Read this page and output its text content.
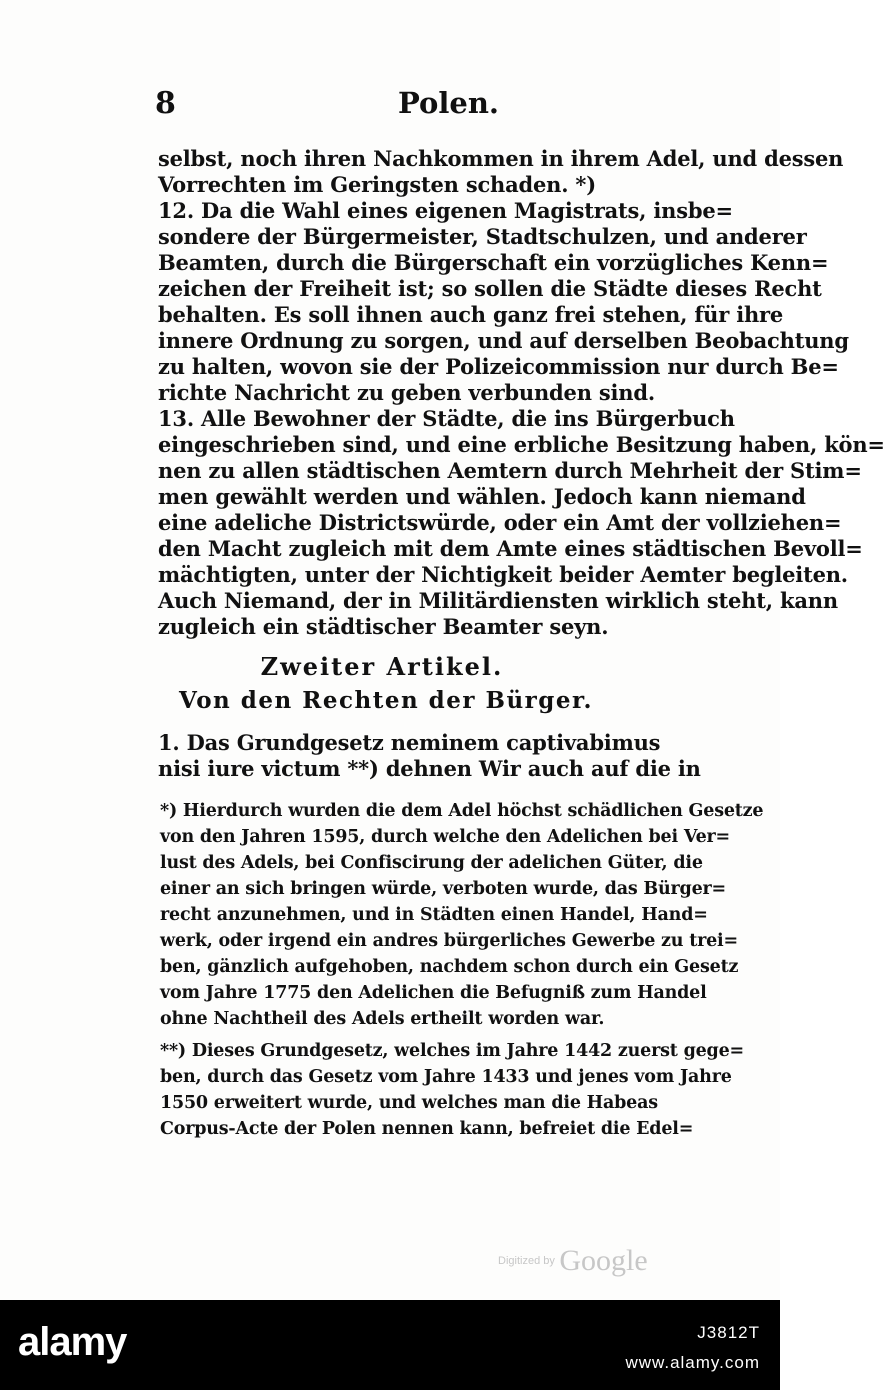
8	Polen.
selbst, noch ihren Nachkommen in ihrem Adel, und dessen
Vorrechten im Geringsten schaden. *)
12. Da die Wahl eines eigenen Magistrats, insbe=
sondere der Bürgermeister, Stadtschulzen, und anderer
Beamten, durch die Bürgerschaft ein vorzügliches Kenn=
zeichen der Freiheit ist; so sollen die Städte dieses Recht
behalten. Es soll ihnen auch ganz frei stehen, für ihre
innere Ordnung zu sorgen, und auf derselben Beobachtung
zu halten, wovon sie der Polizeicommission nur durch Be=
richte Nachricht zu geben verbunden sind.
13. Alle Bewohner der Städte, die ins Bürgerbuch
eingeschrieben sind, und eine erbliche Besitzung haben, kön=
nen zu allen städtischen Aemtern durch Mehrheit der Stim=
men gewählt werden und wählen. Jedoch kann niemand
eine adeliche Districtswürde, oder ein Amt der vollziehen=
den Macht zugleich mit dem Amte eines städtischen Bevoll=
mächtigten, unter der Nichtigkeit beider Aemter begleiten.
Auch Niemand, der in Militärdiensten wirklich steht, kann
zugleich ein städtischer Beamter seyn.
Zweiter Artikel.
Von den Rechten der Bürger.
1. Das Grundgesetz neminem captivabimus
nisi iure victum **) dehnen Wir auch auf die in
*) Hierdurch wurden die dem Adel höchst schädlichen Gesetze
von den Jahren 1595, durch welche den Adelichen bei Ver=
lust des Adels, bei Confiscirung der adelichen Güter, die
einer an sich bringen würde, verboten wurde, das Bürger=
recht anzunehmen, und in Städten einen Handel, Hand=
werk, oder irgend ein andres bürgerliches Gewerbe zu trei=
ben, gänzlich aufgehoben, nachdem schon durch ein Gesetz
vom Jahre 1775 den Adelichen die Befugniß zum Handel
ohne Nachtheil des Adels ertheilt worden war.
**) Dieses Grundgesetz, welches im Jahre 1442 zuerst gege=
ben, durch das Gesetz vom Jahre 1433 und jenes vom Jahre
1550 erweitert wurde, und welches man die Habeas
Corpus-Acte der Polen nennen kann, befreiet die Edel=
Digitized by Google
alamy	J3812T
www.alamy.com
